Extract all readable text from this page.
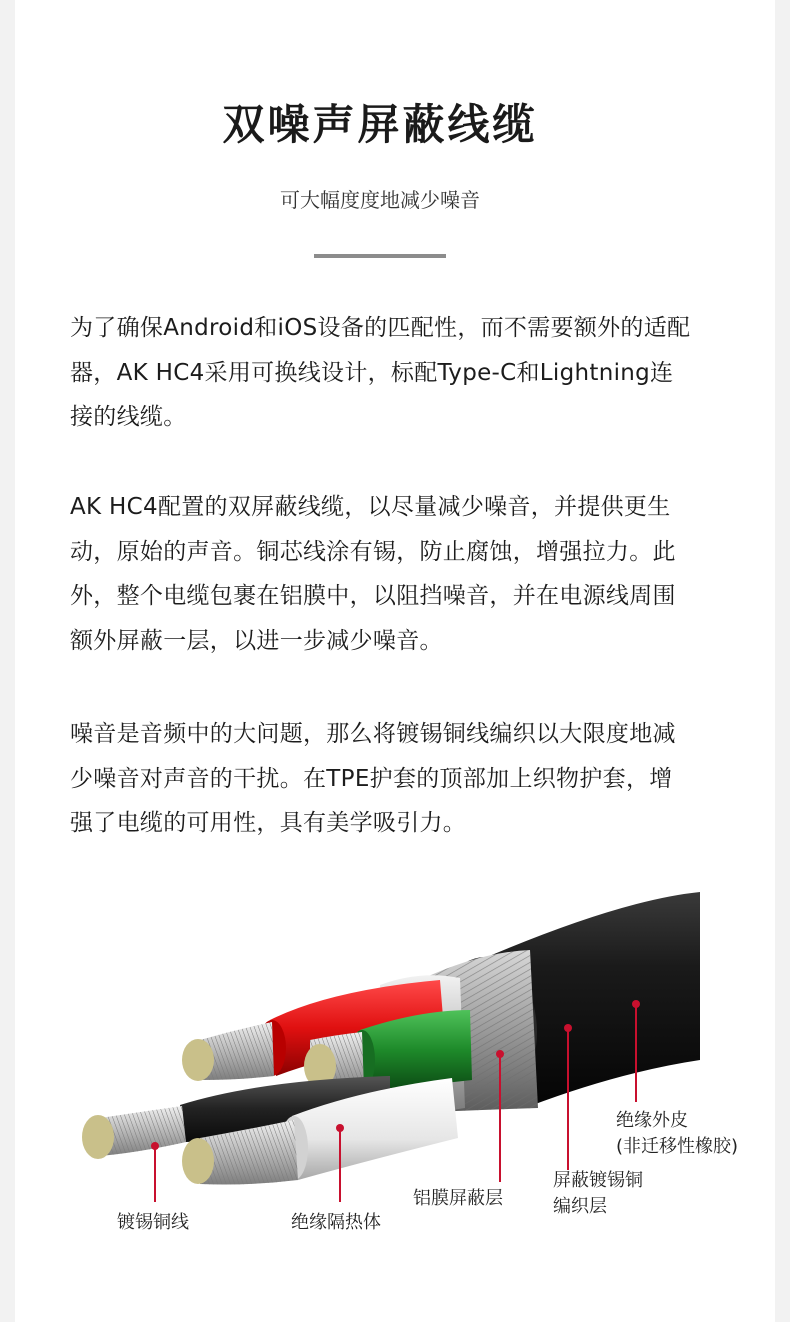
双噪声屏蔽线缆
可大幅度度地减少噪音
为了确保Android和iOS设备的匹配性，而不需要额外的适配器，AK HC4采用可换线设计，标配Type-C和Lightning连接的线缆。
AK HC4配置的双屏蔽线缆，以尽量减少噪音，并提供更生动，原始的声音。铜芯线涂有锡，防止腐蚀，增强拉力。此外，整个电缆包裹在铝膜中，以阻挡噪音，并在电源线周围额外屏蔽一层，以进一步减少噪音。
噪音是音频中的大问题，那么将镀锡铜线编织以大限度地减少噪音对声音的干扰。在TPE护套的顶部加上织物护套，增强了电缆的可用性，具有美学吸引力。
镀锡铜线	绝缘隔热体
铝膜屏蔽层
屏蔽镀锡铜
编织层
绝缘外皮
(非迁移性橡胶)
